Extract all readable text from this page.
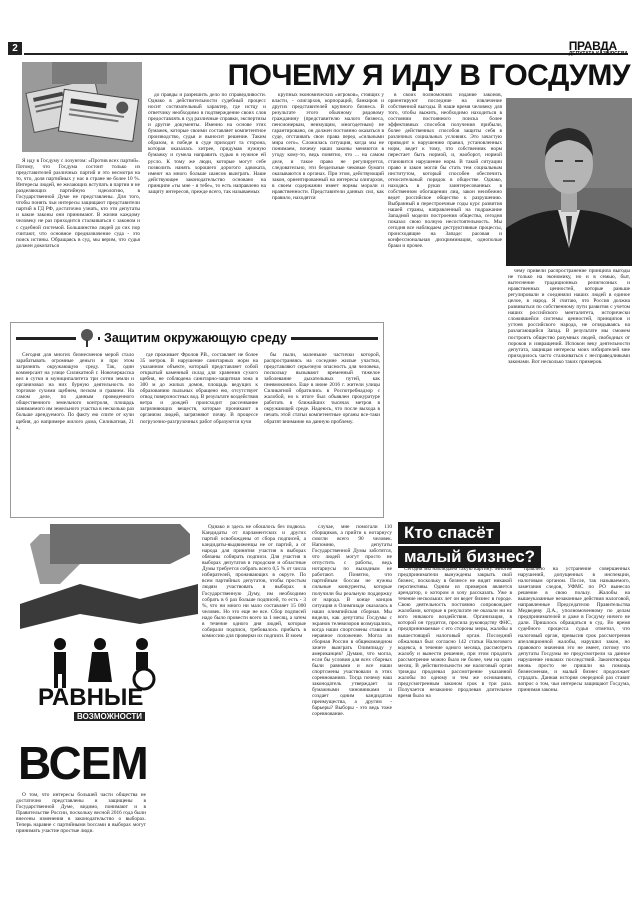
2	ПРАВДА
ДЕПУТАТА КАЗЫРСЕВА
ПОЧЕМУ Я ИДУ В ГОСДУМУ

Я иду в Госдуму с лозунгом: «Против всех партий». Потому, что Госдума состоит только из представителей различных партий и это несмотря на то, что, доля партийных у нас в стране не более 10 %. Интересы людей, не желающих вступать в партии и не разделяющих партийную идеологию, в Государственной Думе не представлены. Для того, чтобы понять чьи интересы защищают представители партий в ГД РФ, достаточно узнать, кто эти депутаты и какие законы они принимают. В жизни каждому человеку не раз приходится сталкиваться с законом и с судебной системой. Большинство людей до сих пор считают, что основное предназначение суда - это поиск истины. Обращаясь в суд, мы верим, что судья должен докопаться

до правды и разрешить дело по справедливости. Однако в действительности судебный процесс носит состязательный характер, где истцу и ответчику необходимо в подтверждение своих слов предоставлять в суд различные справки, экспертизы и другие документы. Именно на основе этих бумажек, которые своими составляет компетентное производство, судья и выносит решение. Таким образом, в победе в суде приходит та сторона, которая оказалась хитрее, придумав нужную бумажку и сумела направить судью в нужное ей русло. К тому же люди, которые могут себе позволить нанять хорошего дорогого адвоката, имеют на много больше шансов выиграть. Наше действующее законодательство основано на принципе «ты мне - я тебе», то есть направлено на защиту интересов, прежде всего, так называемых

крупных экономических «игроков», стоящих у власти, - олигархов, корпораций, банкиров и других представителей крупного бизнеса. В результате этого обычному рядовому гражданину (представителю малого бизнеса, пенсионеркам, неимущим, многодетным) не гарантировано, он должен постоянно оказаться в суде, отстаивать свои права перед «сильными мира сего». Сложилась ситуация, когда мы не понимаем, почему наши законы меняются в угоду кому-то, ведь понятно, что ... на самом деле, и такое право не регулируется, следовательно, эти бездельные чековые бумаги оказываются в органах. При этом, действующий закон, ориентированный на интересы олигархов, в своем содержании имеет нормы морали и нравственности. Представители данных сил, как правило, находятся

в своих полномочиях издание законов, ориентируют последние на извлечение собственной выгоды. В наше время человеку для того, чтобы выжить, необходимо находиться в состоянии постоянного поиска более эффективных способов получения прибыли, более действенных способов защиты себя в различных социальных условиях. Это зачастую приводит к нарушению правил, установленных норм, ведет к тому, что собственник норм перестает быть нормой, и, наоборот, нормой становится нарушение норм. В такой ситуации право и закон могли бы стать тем социальным институтом, который способен обеспечить относительный порядок в обществе. Однако, находясь в руках заинтересованных в собственном обогащении лиц, закон неизбежно ведет российское общество к разрушению. Выбранный в перестроечные годы курс развития нашей страны, направленный на подражание Западной модели построения общества, сегодня показал свою полную несостоятельность. Мы сегодня все наблюдаем деструктивные процессы, происходящие на Западе: расовая и конфессиональная дискриминация, однополые браки и прочее.

чему привели распространение принципа выгоды не только на экономику, но и в семью, быт, вытеснение традиционных религиозных и нравственных ценностей, которые раньше регулировали и соединяли наших людей в единое целое, в народ. Я считаю, что Россия должна развиваться по собственному пути развития с учетом наших российского менталитета, исторически сложившейся системы ценностей, принципов и устоев российского народа, не оглядываясь на разлагающийся Запад. В результате мы сможем построить общество разумных людей, свободных от пороков и извращений. Испокон веку деятельности депутата, защищая интересы моих избирателей мне приходилось часто сталкиваться с несправедливыми законами. Вот несколько таких примеров.

Защитим окружающую среду

Сегодня для многих бизнесменов мерой стало зарабатывать огромные деньги и при этом загрязнять окружающую среду. Так, один коммерсант на улице Силикатной г. Новочеркасска вел в сутки и муниципалитета три сотни земли и организовал на них бурную деятельность по торговле сухими щебнем, песком и гравием. На самом деле, по данным проведенного общественного земельного контроля, площадь занимаемого им земельного участка в несколько раз больше арендуемого. По факту ею спите от кучи щебня, до напримере жилого дома, Силикатная, 21 а,

где проживает Фролов РВ., составляет не более 35 метров. В нарушение санитарных норм на указанном объекте, который представляет собой открытый каменный склад для хранения сухого щебня, не соблюдена санитарно-защитная зона в 300 м до жилых домов, площадь ведущих к образованию пыльных обращено ею, отсутствует отвод поверхностных вод. В результате воздействия ветра и дождей происходит рассеивание загрязняющих веществ, которые проникают в организм людей, загрязняют почву. В процессе погрузочно-разгрузочных работ образуются кучи

бы пыли, маленькие частички которой, распространяясь на соседние жилые участки, представляют серьезную опасность для человека, поскольку вызывают временный тяжелое заболевание дыхательных путей, как пневмокониоз. Еще в июне 2016 г. жители улицы Силикатной обратились в Роспотребнадзор с жалобой, но к итоге был объявлен прокуратуре работать в ближайших тысячах метров в окружающей среде. Надеюсь, что после выхода в печать этой статьи компетентные органы все-таки обратят внимание на данную проблему.

РАВНЫЕ
ВОЗМОЖНОСТИ
ВСЕМ

О том, что интересы большей части общества не достаточно представлены и защищены в Государственной Думе, видимо, понимают и в Правительстве России, поскольку весной 2016 года были внесены изменения в законодательство о выборах. Теперь наравне с партийными boссами в выборах могут принимать участие простые люди.

Однако и здесь не обошлось без подвоха. Кандидаты от парламентских и других партий освобождены от сбора подписей, а кандидаты-выдвиженцы не от партий, а от народа для принятия участия в выборах обязаны собирать подписи. Для участия в выборах депутатов в городские и областные Думы требуется собрать всего 0,5 % от числа избирателей, проживающих в округе. По всем партийных депутатов, чтобы простым людям участвовать в выборах в Государственную Думу, им необходимо собрать в 6 раз больше подписей, то есть - 3 %, что ни много ни мало составляет 15 000 человек. Но это еще не все. Сбор подписей надо было провести всего за 1 месяц, а затем в течение одного дня людей, которые собирали подписи, требовалось прибыть в комиссию для проверки их подписи. В моем

случае, мне помогали 110 сборщиков, а прийти к нотариусу смогли всего 90 человек. Напомню, депутаты Государственной Думы заботятся, что людей могут просто не отпустить с работы, ведь нотариусы по выходным не работают. Понятно, что партийным боссам не нужны сильные конкуренты, которые получили бы реальную поддержку от народа. В конце концов ситуация в Олимпиаде оказалась в наши олимпийская сборная. Мы видели, как депутаты Госдумы с экранов телевизоров возмущались, когда наши спортсмены ставили в неравное положение. Могла ли сборная России в общекомандном зачете выиграть Олимпиаду у американцев? Думаю, что могла, если бы условия для всех сборных были равными и все наши спортсмены участвовали в этих соревнованиях. Тогда почему наш законодатель утверждает за бумажными чиновниками и создает одним кандидатам преимущества, а другим - барьеры? Выборы - это ведь тоже соревнование.

Кто спасёт
малый бизнес?

Сегодня мы наблюдаем такую картину. Многие предприниматели вынуждены закрыть свой бизнес, поскольку в бизнесе не видят никакой перспективы. Одним из примеров является арендатор, о котором я хочу рассказать. Уже в течение нескольких лет он ведет бизнес в городе. Свою деятельность постоянно сопровождает жалобами, которые в результате не оказали ни на кого никакого воздействия. Организация, в которой он трудится, просила руководству ФНС, предпринимаемые с его стороны меры, жалобы в вышестоящий налоговый орган. Последний обжаловал был согласно 142 статьи Налогового кодекса, в течение одного месяца, рассмотреть жалобу и вынести решение, при этом продлить рассмотрение можно было не более, чем на один месяц. В действительности же налоговый орган трижды продлевал рассмотрение указанной жалобы по одному и тем же основаниям, предусмотренным законом срок в три раза. Получается незаконно продлевая длительное время было на

правлено на устранение совершенных нарушений, допущенных в инспекции, налоговым органом. После, так называемого, заметания следов, УФМС по РО вынесло решение в свою пользу. Жалобы на вышеуказанные незаконные действия налоговой, направленные Председателю Правительства Медведеву Д.А., уполномоченному по делам предпринимателей и даже в Госдуму ничего не дали. Пришлось обращаться в суд. Во время судебного процесса судья отметил, что налоговый орган, превысив срок рассмотрения апелляционной жалобы, нарушил закон, но правового значения это не имеет, потому что депутаты Госдумы не предусмотрели за данное нарушение никаких последствий. Законотворцы вновь просто не пришли на помощь бизнесменам, и малый бизнес продолжает страдать. Данная история очередной раз ставит вопрос о том, чьи интересы защищают Госдума, принимая законы.
